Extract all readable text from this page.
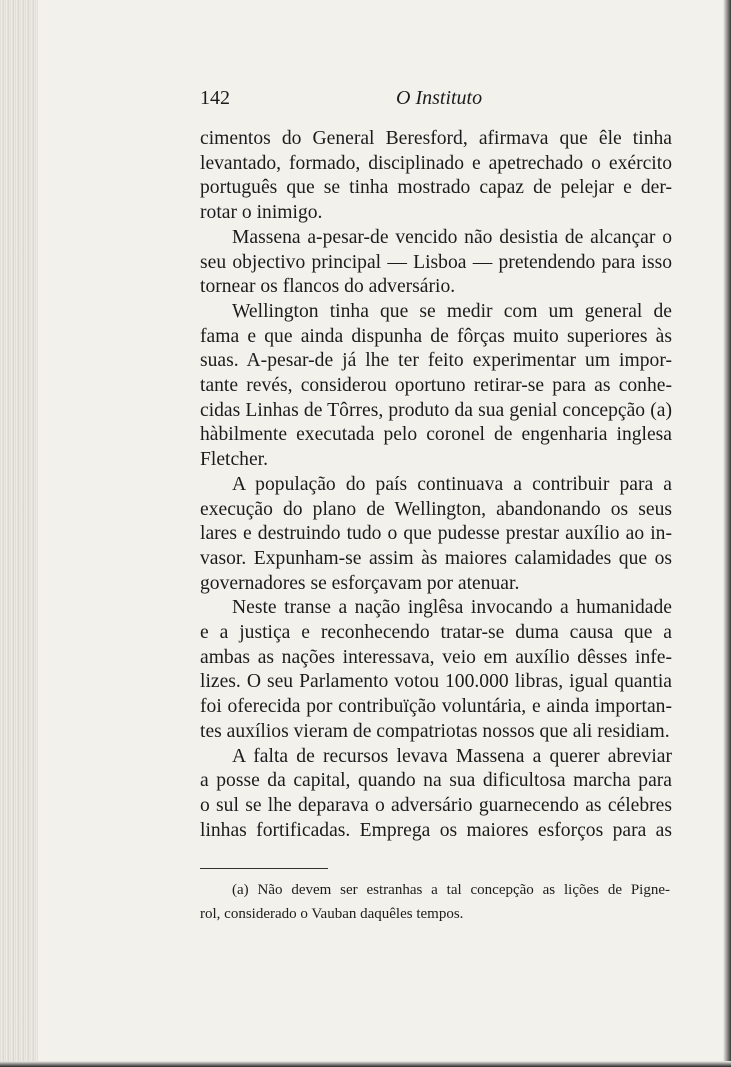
142	O Instituto
cimentos do General Beresford, afirmava que êle tinha
levantado, formado, disciplinado e apetrechado o exército
português que se tinha mostrado capaz de pelejar e der-
rotar o inimigo.
Massena a-pesar-de vencido não desistia de alcançar o
seu objectivo principal — Lisboa — pretendendo para isso
tornear os flancos do adversário.
Wellington tinha que se medir com um general de
fama e que ainda dispunha de fôrças muito superiores às
suas. A-pesar-de já lhe ter feito experimentar um impor-
tante revés, considerou oportuno retirar-se para as conhe-
cidas Linhas de Tôrres, produto da sua genial concepção (a)
hàbilmente executada pelo coronel de engenharia inglesa
Fletcher.
A população do país continuava a contribuir para a
execução do plano de Wellington, abandonando os seus
lares e destruindo tudo o que pudesse prestar auxílio ao in-
vasor. Expunham-se assim às maiores calamidades que os
governadores se esforçavam por atenuar.
Neste transe a nação inglêsa invocando a humanidade
e a justiça e reconhecendo tratar-se duma causa que a
ambas as nações interessava, veio em auxílio dêsses infe-
lizes. O seu Parlamento votou 100.000 libras, igual quantia
foi oferecida por contribuïção voluntária, e ainda importan-
tes auxílios vieram de compatriotas nossos que ali residiam.
A falta de recursos levava Massena a querer abreviar
a posse da capital, quando na sua dificultosa marcha para
o sul se lhe deparava o adversário guarnecendo as célebres
linhas fortificadas. Emprega os maiores esforços para as
(a) Não devem ser estranhas a tal concepção as lições de Pigne-
rol, considerado o Vauban daquêles tempos.
